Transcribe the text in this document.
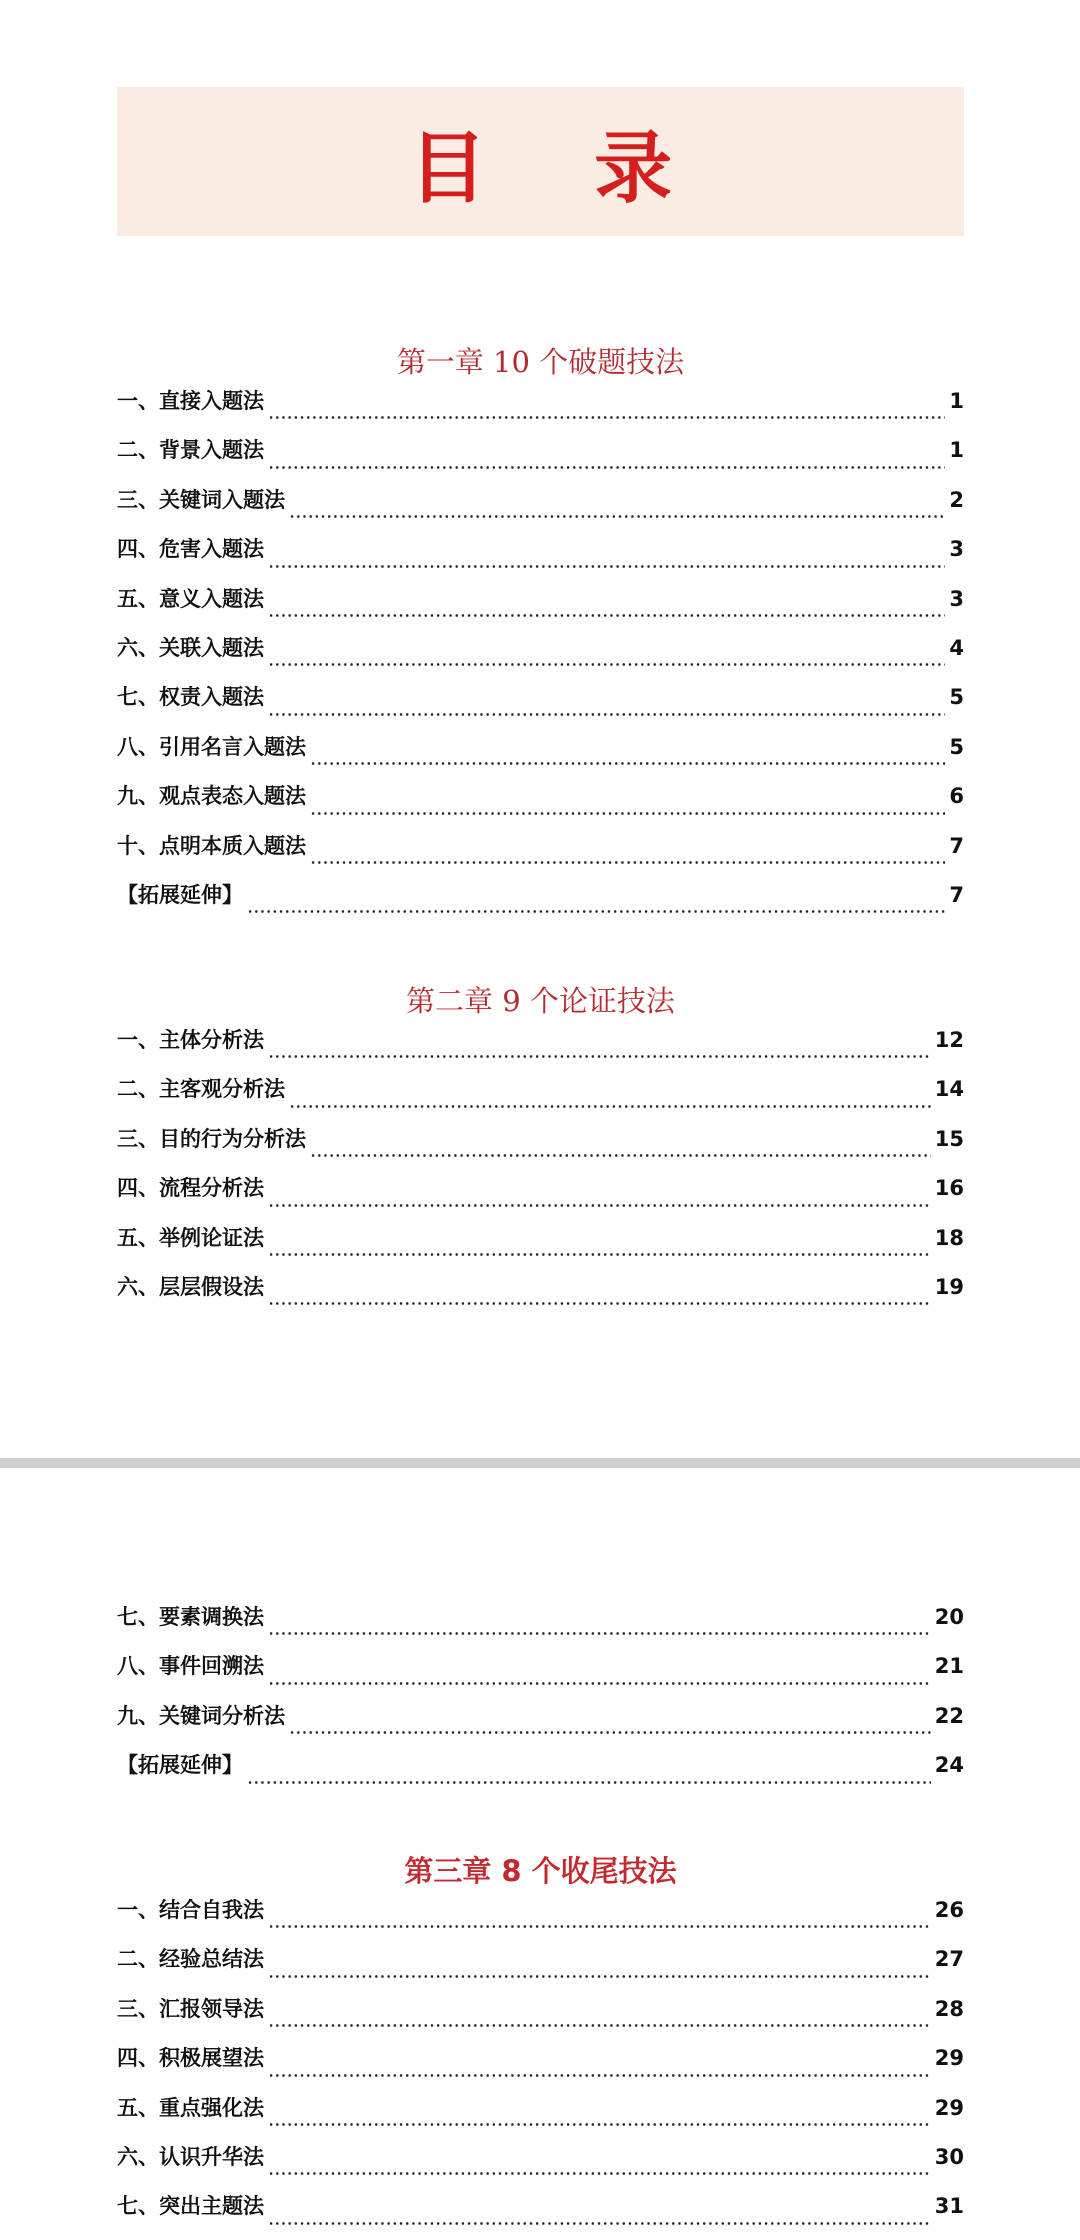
目 录
第一章 10 个破题技法
一、直接入题法	1
二、背景入题法	1
三、关键词入题法	2
四、危害入题法	3
五、意义入题法	3
六、关联入题法	4
七、权责入题法	5
八、引用名言入题法	5
九、观点表态入题法	6
十、点明本质入题法	7
【拓展延伸】	7
第二章 9 个论证技法
一、主体分析法	12
二、主客观分析法	14
三、目的行为分析法	15
四、流程分析法	16
五、举例论证法	18
六、层层假设法	19
七、要素调换法	20
八、事件回溯法	21
九、关键词分析法	22
【拓展延伸】	24
第三章 8 个收尾技法
一、结合自我法	26
二、经验总结法	27
三、汇报领导法	28
四、积极展望法	29
五、重点强化法	29
六、认识升华法	30
七、突出主题法	31
